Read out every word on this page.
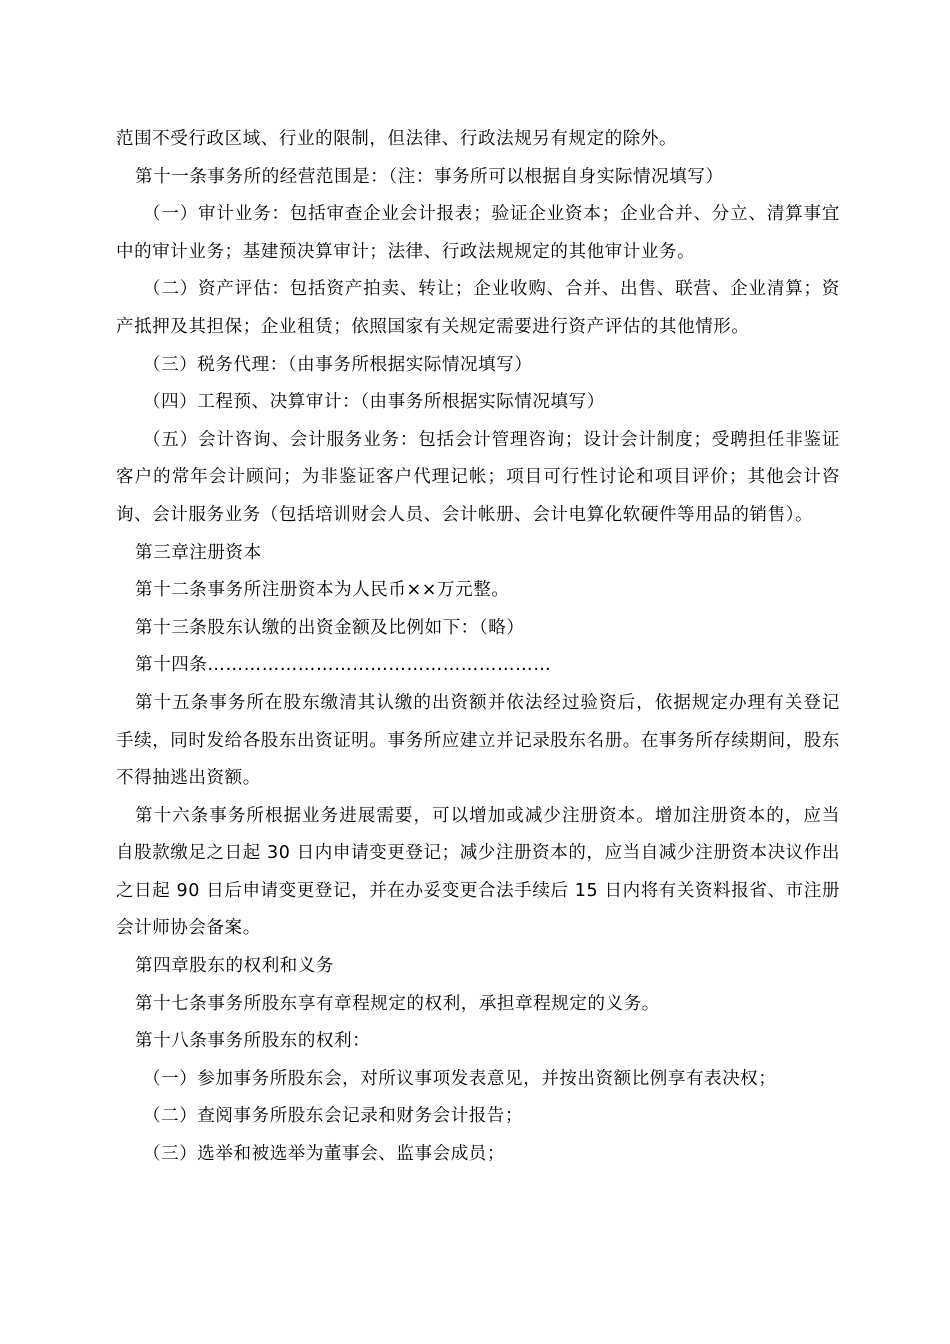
范围不受行政区域、行业的限制，但法律、行政法规另有规定的除外。

第十一条事务所的经营范围是：（注：事务所可以根据自身实际情况填写）

（一）审计业务：包括审查企业会计报表；验证企业资本；企业合并、分立、清算事宜中的审计业务；基建预决算审计；法律、行政法规规定的其他审计业务。

（二）资产评估：包括资产拍卖、转让；企业收购、合并、出售、联营、企业清算；资产抵押及其担保；企业租赁；依照国家有关规定需要进行资产评估的其他情形。

（三）税务代理：（由事务所根据实际情况填写）

（四）工程预、决算审计：（由事务所根据实际情况填写）

（五）会计咨询、会计服务业务：包括会计管理咨询；设计会计制度；受聘担任非鉴证客户的常年会计顾问；为非鉴证客户代理记帐；项目可行性讨论和项目评价；其他会计咨询、会计服务业务（包括培训财会人员、会计帐册、会计电算化软硬件等用品的销售）。

第三章注册资本

第十二条事务所注册资本为人民币××万元整。

第十三条股东认缴的出资金额及比例如下：（略）

第十四条…………………………………………………

第十五条事务所在股东缴清其认缴的出资额并依法经过验资后，依据规定办理有关登记手续，同时发给各股东出资证明。事务所应建立并记录股东名册。在事务所存续期间，股东不得抽逃出资额。

第十六条事务所根据业务进展需要，可以增加或减少注册资本。增加注册资本的，应当自股款缴足之日起 30 日内申请变更登记；减少注册资本的，应当自减少注册资本决议作出之日起 90 日后申请变更登记，并在办妥变更合法手续后 15 日内将有关资料报省、市注册会计师协会备案。

第四章股东的权利和义务

第十七条事务所股东享有章程规定的权利，承担章程规定的义务。

第十八条事务所股东的权利：

（一）参加事务所股东会，对所议事项发表意见，并按出资额比例享有表决权；

（二）查阅事务所股东会记录和财务会计报告；

（三）选举和被选举为董事会、监事会成员；
